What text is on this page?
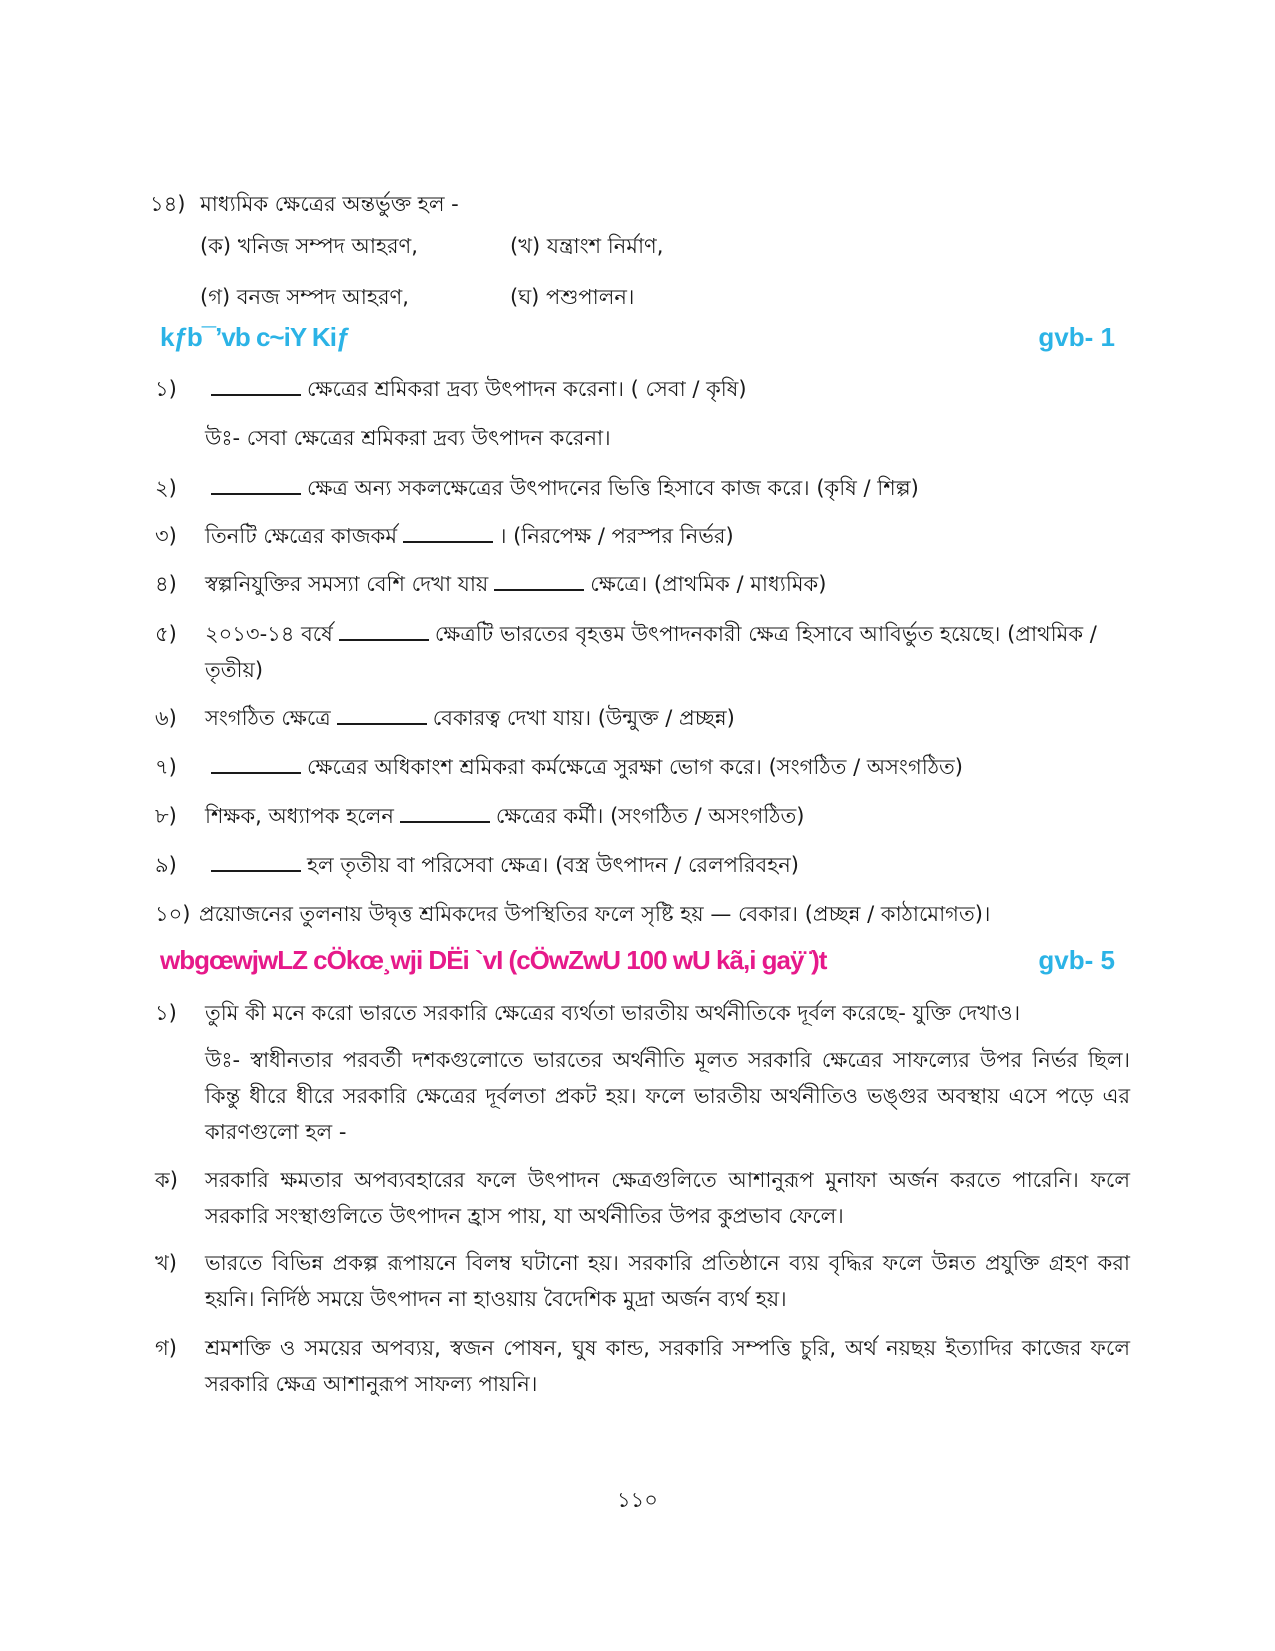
১৪) মাধ্যমিক ক্ষেত্রের অন্তর্ভুক্ত হল -
(ক) খনিজ সম্পদ আহরণ,	(খ) যন্ত্রাংশ নির্মাণ,
(গ) বনজ সম্পদ আহরণ,	(ঘ) পশুপালন।
kƒb¯’vb c~iY Kiƒ	gvb- 1
১)	ক্ষেত্রের শ্রমিকরা দ্রব্য উৎপাদন করেনা। ( সেবা / কৃষি)
উঃ- সেবা ক্ষেত্রের শ্রমিকরা দ্রব্য উৎপাদন করেনা।
২)	ক্ষেত্র অন্য সকলক্ষেত্রের উৎপাদনের ভিত্তি হিসাবে কাজ করে। (কৃষি / শিল্প)
৩)	তিনটি ক্ষেত্রের কাজকর্ম	। (নিরপেক্ষ / পরস্পর নির্ভর)
৪)	স্বল্পনিযুক্তির সমস্যা বেশি দেখা যায়	ক্ষেত্রে। (প্রাথমিক / মাধ্যমিক)
৫)	২০১৩-১৪ বর্ষে	ক্ষেত্রটি ভারতের বৃহত্তম উৎপাদনকারী ক্ষেত্র হিসাবে আবির্ভুত হয়েছে। (প্রাথমিক / তৃতীয়)
৬)	সংগঠিত ক্ষেত্রে	বেকারত্ব দেখা যায়। (উন্মুক্ত / প্রচ্ছন্ন)
৭)	ক্ষেত্রের অধিকাংশ শ্রমিকরা কর্মক্ষেত্রে সুরক্ষা ভোগ করে। (সংগঠিত / অসংগঠিত)
৮)	শিক্ষক, অধ্যাপক হলেন	ক্ষেত্রের কর্মী। (সংগঠিত / অসংগঠিত)
৯)	হল তৃতীয় বা পরিসেবা ক্ষেত্র। (বস্ত্র উৎপাদন / রেলপরিবহন)
১০) প্রয়োজনের তুলনায় উদ্বৃত্ত শ্রমিকদের উপস্থিতির ফলে সৃষ্টি হয় — বেকার। (প্রচ্ছন্ন / কাঠামোগত)।
wbgœwjwLZ cÖkœ¸wji DËi `vI (cÖwZwU 100 wU kã,i gaÿ¨)t	gvb- 5
১)	তুমি কী মনে করো ভারতে সরকারি ক্ষেত্রের ব্যর্থতা ভারতীয় অর্থনীতিকে দূর্বল করেছে- যুক্তি দেখাও।
উঃ- স্বাধীনতার পরবর্তী দশকগুলোতে ভারতের অর্থনীতি মূলত সরকারি ক্ষেত্রের সাফল্যের উপর নির্ভর ছিল। কিন্তু ধীরে ধীরে সরকারি ক্ষেত্রের দূর্বলতা প্রকট হয়। ফলে ভারতীয় অর্থনীতিও ভঙ্গুর অবস্থায় এসে পড়ে এর কারণগুলো হল -
ক)	সরকারি ক্ষমতার অপব্যবহারের ফলে উৎপাদন ক্ষেত্রগুলিতে আশানুরূপ মুনাফা অর্জন করতে পারেনি। ফলে সরকারি সংস্থাগুলিতে উৎপাদন হ্রাস পায়, যা অর্থনীতির উপর কুপ্রভাব ফেলে।
খ)	ভারতে বিভিন্ন প্রকল্প রূপায়নে বিলম্ব ঘটানো হয়। সরকারি প্রতিষ্ঠানে ব্যয় বৃদ্ধির ফলে উন্নত প্রযুক্তি গ্রহণ করা হয়নি। নির্দিষ্ঠ সময়ে উৎপাদন না হাওয়ায় বৈদেশিক মুদ্রা অর্জন ব্যর্থ হয়।
গ)	শ্রমশক্তি ও সময়ের অপব্যয়, স্বজন পোষন, ঘুষ কান্ড, সরকারি সম্পত্তি চুরি, অর্থ নয়ছয় ইত্যাদির কাজের ফলে সরকারি ক্ষেত্র আশানুরূপ সাফল্য পায়নি।
১১০
